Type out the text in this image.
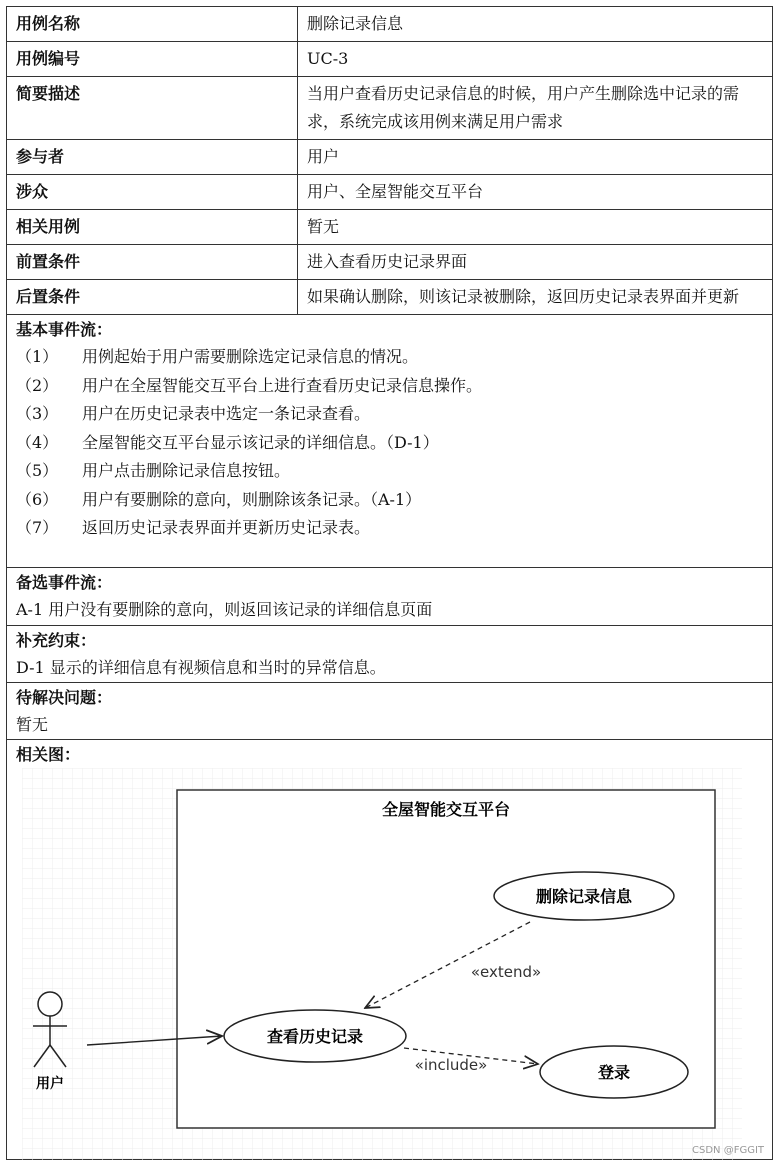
用例名称	删除记录信息
用例编号	UC-3
简要描述	当用户查看历史记录信息的时候，用户产生删除选中记录的需求，系统完成该用例来满足用户需求
参与者	用户
涉众	用户、全屋智能交互平台
相关用例	暂无
前置条件	进入查看历史记录界面
后置条件	如果确认删除，则该记录被删除，返回历史记录表界面并更新
基本事件流：
（1）	用例起始于用户需要删除选定记录信息的情况。
（2）	用户在全屋智能交互平台上进行查看历史记录信息操作。
（3）	用户在历史记录表中选定一条记录查看。
（4）	全屋智能交互平台显示该记录的详细信息。（D-1）
（5）	用户点击删除记录信息按钮。
（6）	用户有要删除的意向，则删除该条记录。（A-1）
（7）	返回历史记录表界面并更新历史记录表。
备选事件流：
A-1 用户没有要删除的意向，则返回该记录的详细信息页面
补充约束：
D-1 显示的详细信息有视频信息和当时的异常信息。
待解决问题：
暂无
相关图：
全屋智能交互平台
用户
删除记录信息
查看历史记录
登录
«extend»
«include»
CSDN @FGGIT
